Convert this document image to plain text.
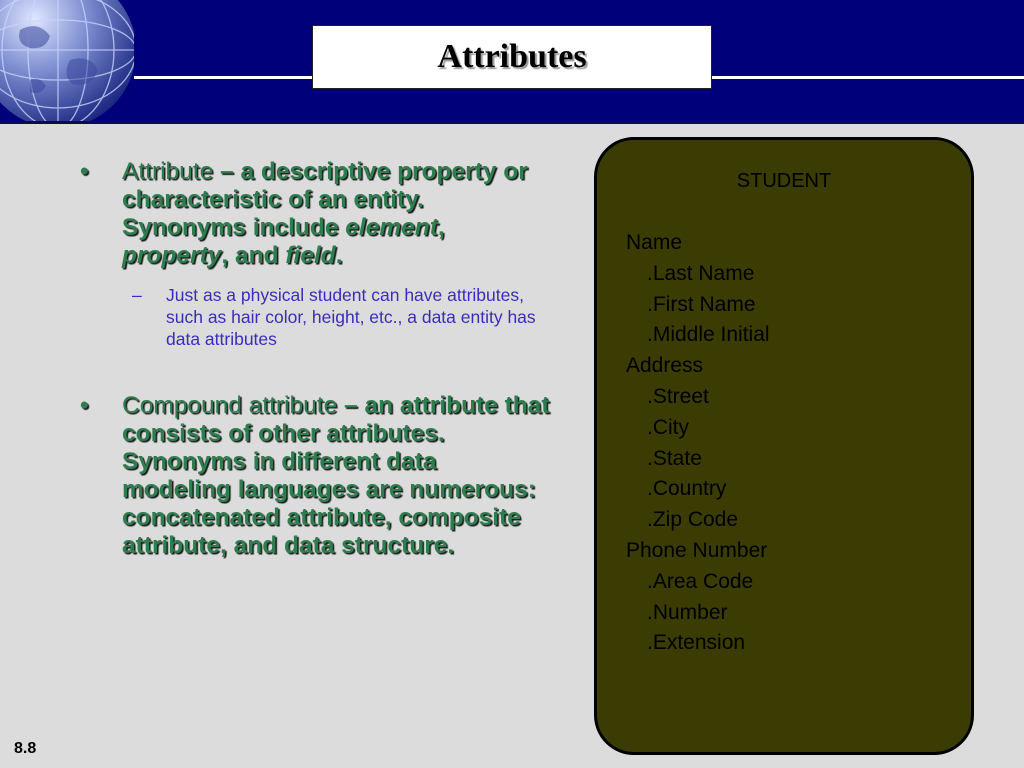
Attributes
•	Attribute – a descriptive property or characteristic of an entity. Synonyms include element, property, and field.
–	Just as a physical student can have attributes, such as hair color, height, etc., a data entity has data attributes
•	Compound attribute – an attribute that consists of other attributes. Synonyms in different data modeling languages are numerous: concatenated attribute, composite attribute, and data structure.
STUDENT
Name
.Last Name
.First Name
.Middle Initial
Address
.Street
.City
.State
.Country
.Zip Code
Phone Number
.Area Code
.Number
.Extension
8.8
